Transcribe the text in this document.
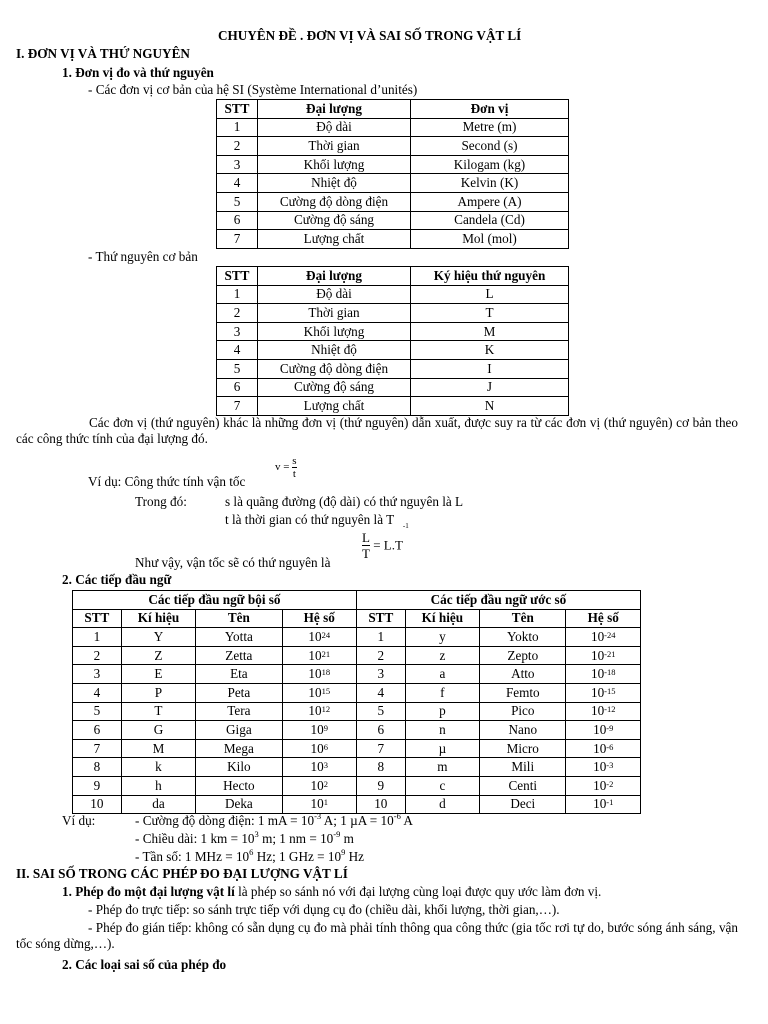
CHUYÊN ĐỀ . ĐƠN VỊ VÀ SAI SỐ TRONG VẬT LÍ
I. ĐƠN VỊ VÀ THỨ NGUYÊN
1. Đơn vị đo và thứ nguyên
- Các đơn vị cơ bản của hệ SI (Système International d’unités)
STT	Đại lượng	Đơn vị
1	Độ dài	Metre (m)
2	Thời gian	Second (s)
3	Khối lượng	Kilogam (kg)
4	Nhiệt độ	Kelvin (K)
5	Cường độ dòng điện	Ampere (A)
6	Cường độ sáng	Candela (Cd)
7	Lượng chất	Mol (mol)
- Thứ nguyên cơ bản
STT	Đại lượng	Ký hiệu thứ nguyên
1	Độ dài	L
2	Thời gian	T
3	Khối lượng	M
4	Nhiệt độ	K
5	Cường độ dòng điện	I
6	Cường độ sáng	J
7	Lượng chất	N
Các đơn vị (thứ nguyên) khác là những đơn vị (thứ nguyên) dẫn xuất, được suy ra từ các đơn vị (thứ nguyên) cơ bản theo các công thức tính của đại lượng đó.
Ví dụ: Công thức tính vận tốc
$v = \frac{s}{t}$
Trong đó:	s là quãng đường (độ dài) có thứ nguyên là L
t là thời gian có thứ nguyên là T
Như vậy, vận tốc sẽ có thứ nguyên là
$\frac{L}{T} = L.T^{-1}$
2. Các tiếp đầu ngữ
Các tiếp đầu ngữ bội số				Các tiếp đầu ngữ ước số			
STT	Kí hiệu	Tên	Hệ số	STT	Kí hiệu	Tên	Hệ số
1	Y	Yotta	$10^{24}$	1	y	Yokto	$10^{-24}$
2	Z	Zetta	$10^{21}$	2	z	Zepto	$10^{-21}$
3	E	Eta	$10^{18}$	3	a	Atto	$10^{-18}$
4	P	Peta	$10^{15}$	4	f	Femto	$10^{-15}$
5	T	Tera	$10^{12}$	5	p	Pico	$10^{-12}$
6	G	Giga	$10^9$	6	n	Nano	$10^{-9}$
7	M	Mega	$10^6$	7	µ	Micro	$10^{-6}$
8	k	Kilo	$10^3$	8	m	Mili	$10^{-3}$
9	h	Hecto	$10^2$	9	c	Centi	$10^{-2}$
10	da	Deka	$10^1$	10	d	Deci	$10^{-1}$
Ví dụ:	- Cường độ dòng điện: 1 mA = $10^{-3}$ A; 1 $\mu A = 10^{-6}$ A
- Chiều dài: 1 km = $10^3$ m; 1 nm = $10^{-9}$ m
- Tần số: 1 MHz = $10^6$ Hz; 1 GHz = $10^9$ Hz
II. SAI SỐ TRONG CÁC PHÉP ĐO ĐẠI LƯỢNG VẬT LÍ
1. Phép đo một đại lượng vật lí là phép so sánh nó với đại lượng cùng loại được quy ước làm đơn vị.
- Phép đo trực tiếp: so sánh trực tiếp với dụng cụ đo (chiều dài, khối lượng, thời gian,…).
- Phép đo gián tiếp: không có sẵn dụng cụ đo mà phải tính thông qua công thức (gia tốc rơi tự do, bước sóng ánh sáng, vận tốc sóng dừng,…).
2. Các loại sai số của phép đo
